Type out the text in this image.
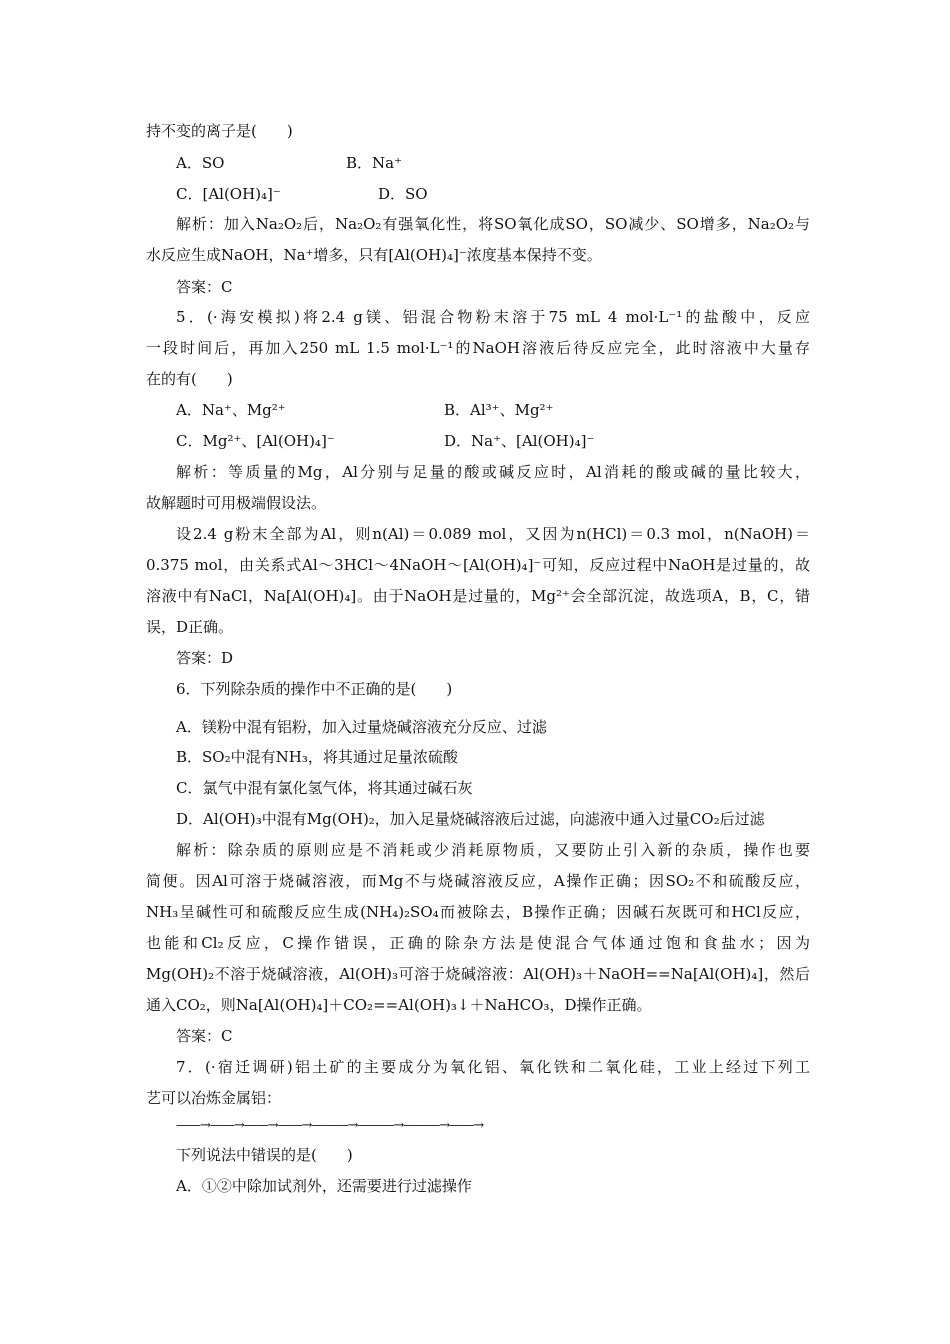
持不变的离子是(　　)
A．SO	B．Na⁺
C．[Al(OH)₄]⁻	D．SO
解析：加入Na₂O₂后，Na₂O₂有强氧化性，将SO氧化成SO，SO减少、SO增多，Na₂O₂与
水反应生成NaOH，Na⁺增多，只有[Al(OH)₄]⁻浓度基本保持不变。
答案：C
5．(·海安模拟)将2.4 g镁、铝混合物粉末溶于75 mL 4 mol·L⁻¹的盐酸中，反应
一段时间后，再加入250 mL 1.5 mol·L⁻¹的NaOH溶液后待反应完全，此时溶液中大量存
在的有(　　)
A．Na⁺、Mg²⁺	B．Al³⁺、Mg²⁺
C．Mg²⁺、[Al(OH)₄]⁻	D．Na⁺、[Al(OH)₄]⁻
解析：等质量的Mg，Al分别与足量的酸或碱反应时，Al消耗的酸或碱的量比较大，
故解题时可用极端假设法。
设2.4 g粉末全部为Al，则n(Al)＝0.089 mol，又因为n(HCl)＝0.3 mol，n(NaOH)＝
0.375 mol，由关系式Al～3HCl～4NaOH～[Al(OH)₄]⁻可知，反应过程中NaOH是过量的，故
溶液中有NaCl，Na[Al(OH)₄]。由于NaOH是过量的，Mg²⁺会全部沉淀，故选项A，B，C，错
误，D正确。
答案：D
6．下列除杂质的操作中不正确的是(　　)
A．镁粉中混有铝粉，加入过量烧碱溶液充分反应、过滤
B．SO₂中混有NH₃，将其通过足量浓硫酸
C．氯气中混有氯化氢气体，将其通过碱石灰
D．Al(OH)₃中混有Mg(OH)₂，加入足量烧碱溶液后过滤，向滤液中通入过量CO₂后过滤
解析：除杂质的原则应是不消耗或少消耗原物质，又要防止引入新的杂质，操作也要
简便。因Al可溶于烧碱溶液，而Mg不与烧碱溶液反应，A操作正确；因SO₂不和硫酸反应，
NH₃呈碱性可和硫酸反应生成(NH₄)₂SO₄而被除去，B操作正确；因碱石灰既可和HCl反应，
也能和Cl₂反应，C操作错误，正确的除杂方法是使混合气体通过饱和食盐水；因为
Mg(OH)₂不溶于烧碱溶液，Al(OH)₃可溶于烧碱溶液：Al(OH)₃＋NaOH==Na[Al(OH)₄]，然后
通入CO₂，则Na[Al(OH)₄]＋CO₂==Al(OH)₃↓＋NaHCO₃，D操作正确。
答案：C
7．(·宿迁调研)铝土矿的主要成分为氧化铝、氧化铁和二氧化硅，工业上经过下列工
艺可以冶炼金属铝：
——→——→——→——→———→———→———→——→
下列说法中错误的是(　　)
A．①②中除加试剂外，还需要进行过滤操作
